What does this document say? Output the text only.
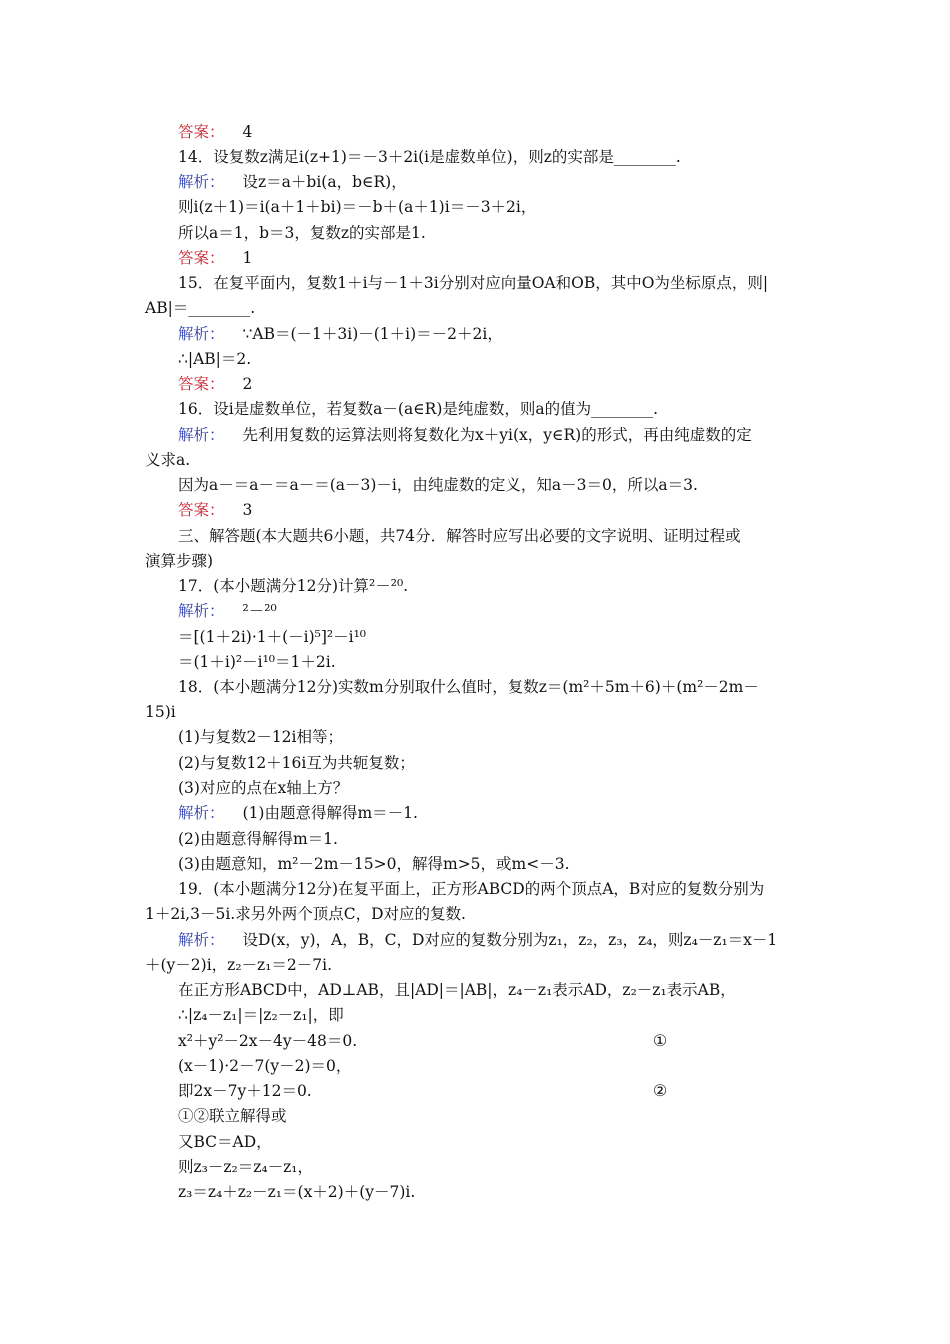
答案： 4
14．设复数z满足i(z+1)＝－3＋2i(i是虚数单位)，则z的实部是________.
解析： 设z＝a＋bi(a，b∈R)，
则i(z＋1)＝i(a＋1＋bi)＝－b＋(a＋1)i＝－3＋2i，
所以a＝1，b＝3，复数z的实部是1.
答案： 1
15．在复平面内，复数1＋i与－1＋3i分别对应向量OA和OB，其中O为坐标原点，则|
AB|＝________.
解析： ∵AB＝(－1＋3i)－(1＋i)＝－2＋2i，
∴|AB|＝2.
答案： 2
16．设i是虚数单位，若复数a－(a∈R)是纯虚数，则a的值为________.
解析： 先利用复数的运算法则将复数化为x＋yi(x，y∈R)的形式，再由纯虚数的定
义求a.
因为a－＝a－＝a－＝(a－3)－i，由纯虚数的定义，知a－3＝0，所以a＝3.
答案： 3
三、解答题(本大题共6小题，共74分．解答时应写出必要的文字说明、证明过程或
演算步骤)
17．(本小题满分12分)计算²－²⁰.
解析： ²－²⁰
＝[(1＋2i)·1＋(－i)⁵]²－i¹⁰
＝(1＋i)²－i¹⁰＝1＋2i.
18．(本小题满分12分)实数m分别取什么值时，复数z＝(m²＋5m＋6)＋(m²－2m－
15)i
(1)与复数2－12i相等；
(2)与复数12＋16i互为共轭复数；
(3)对应的点在x轴上方？
解析： (1)由题意得解得m＝－1.
(2)由题意得解得m＝1.
(3)由题意知，m²－2m－15>0，解得m>5，或m<－3.
19．(本小题满分12分)在复平面上，正方形ABCD的两个顶点A，B对应的复数分别为
1＋2i,3－5i.求另外两个顶点C，D对应的复数.
解析： 设D(x，y)，A，B，C，D对应的复数分别为z₁，z₂，z₃，z₄，则z₄－z₁＝x－1
＋(y－2)i，z₂－z₁＝2－7i.
在正方形ABCD中，AD⊥AB，且|AD|＝|AB|，z₄－z₁表示AD，z₂－z₁表示AB，
∴|z₄－z₁|＝|z₂－z₁|，即
x²＋y²－2x－4y－48＝0.	①
(x－1)·2－7(y－2)＝0，
即2x－7y＋12＝0.	②
①②联立解得或
又BC＝AD，
则z₃－z₂＝z₄－z₁，
z₃＝z₄＋z₂－z₁＝(x＋2)＋(y－7)i.
